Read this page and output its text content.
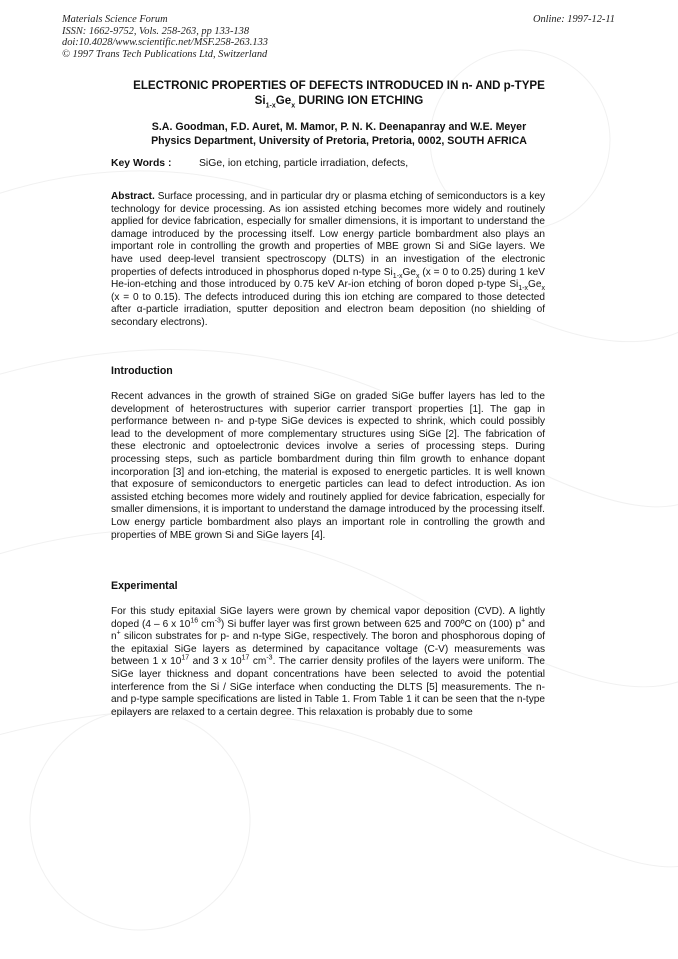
Materials Science Forum
ISSN: 1662-9752, Vols. 258-263, pp 133-138
doi:10.4028/www.scientific.net/MSF.258-263.133
© 1997 Trans Tech Publications Ltd, Switzerland
Online: 1997-12-11
ELECTRONIC PROPERTIES OF DEFECTS INTRODUCED IN n- AND p-TYPE
$Si_{1-x}Ge_x$ DURING ION ETCHING
S.A. Goodman, F.D. Auret, M. Mamor, P. N. K. Deenapanray and W.E. Meyer
Physics Department, University of Pretoria, Pretoria, 0002, SOUTH AFRICA
Key Words :	SiGe, ion etching, particle irradiation, defects,
Abstract. Surface processing, and in particular dry or plasma etching of semiconductors is a key technology for device processing. As ion assisted etching becomes more widely and routinely applied for device fabrication, especially for smaller dimensions, it is important to understand the damage introduced by the processing itself. Low energy particle bombardment also plays an important role in controlling the growth and properties of MBE grown Si and SiGe layers. We have used deep-level transient spectroscopy (DLTS) in an investigation of the electronic properties of defects introduced in phosphorus doped n-type $Si_{1-x}Ge_x$ (x = 0 to 0.25) during 1 keV He-ion-etching and those introduced by 0.75 keV Ar-ion etching of boron doped p-type $Si_{1-x}Ge_x$ (x = 0 to 0.15). The defects introduced during this ion etching are compared to those detected after α-particle irradiation, sputter deposition and electron beam deposition (no shielding of secondary electrons).
Introduction
Recent advances in the growth of strained SiGe on graded SiGe buffer layers has led to the development of heterostructures with superior carrier transport properties [1]. The gap in performance between n- and p-type SiGe devices is expected to shrink, which could possibly lead to the development of more complementary structures using SiGe [2]. The fabrication of these electronic and optoelectronic devices involve a series of processing steps. During processing steps, such as particle bombardment during thin film growth to enhance dopant incorporation [3] and ion-etching, the material is exposed to energetic particles. It is well known that exposure of semiconductors to energetic particles can lead to defect introduction. As ion assisted etching becomes more widely and routinely applied for device fabrication, especially for smaller dimensions, it is important to understand the damage introduced by the processing itself. Low energy particle bombardment also plays an important role in controlling the growth and properties of MBE grown Si and SiGe layers [4].
Experimental
For this study epitaxial SiGe layers were grown by chemical vapor deposition (CVD). A lightly doped (4 – 6 x $10^{16}$ $cm^{-3}$) Si buffer layer was first grown between 625 and 700ºC on (100) p+ and n+ silicon substrates for p- and n-type SiGe, respectively. The boron and phosphorous doping of the epitaxial SiGe layers as determined by capacitance voltage (C-V) measurements was between 1 x $10^{17}$ and 3 x $10^{17}$ $cm^{-3}$. The carrier density profiles of the layers were uniform. The SiGe layer thickness and dopant concentrations have been selected to avoid the potential interference from the Si / SiGe interface when conducting the DLTS [5] measurements. The n- and p-type sample specifications are listed in Table 1. From Table 1 it can be seen that the n-type epilayers are relaxed to a certain degree. This relaxation is probably due to some
